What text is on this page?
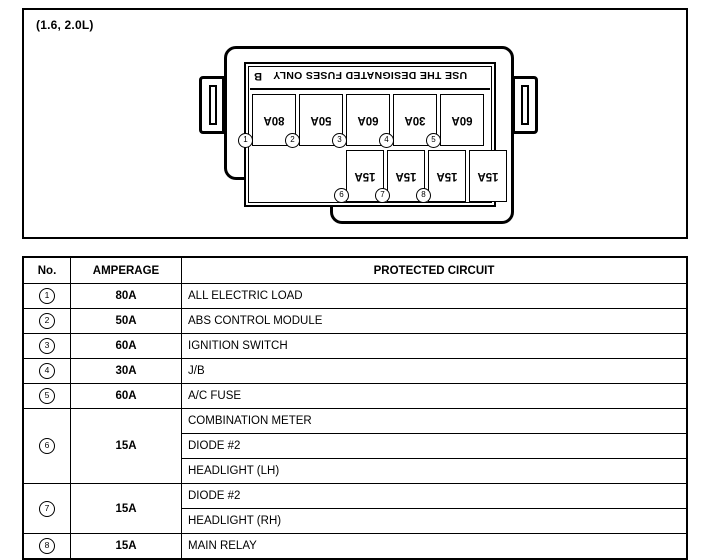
(1.6, 2.0L)
USE THE DESIGNATED FUSES ONLY
B
80A 50A 60A 30A 60A
1	2	3	4	5
15A 15A 15A 15A
6	7	8
No.	AMPERAGE	PROTECTED CIRCUIT
1	80A	ALL ELECTRIC LOAD
2	50A	ABS CONTROL MODULE
3	60A	IGNITION SWITCH
4	30A	J/B
5	60A	A/C FUSE
6	15A	COMBINATION METER
		DIODE #2
		HEADLIGHT (LH)
7	15A	DIODE #2
		HEADLIGHT (RH)
8	15A	MAIN RELAY
